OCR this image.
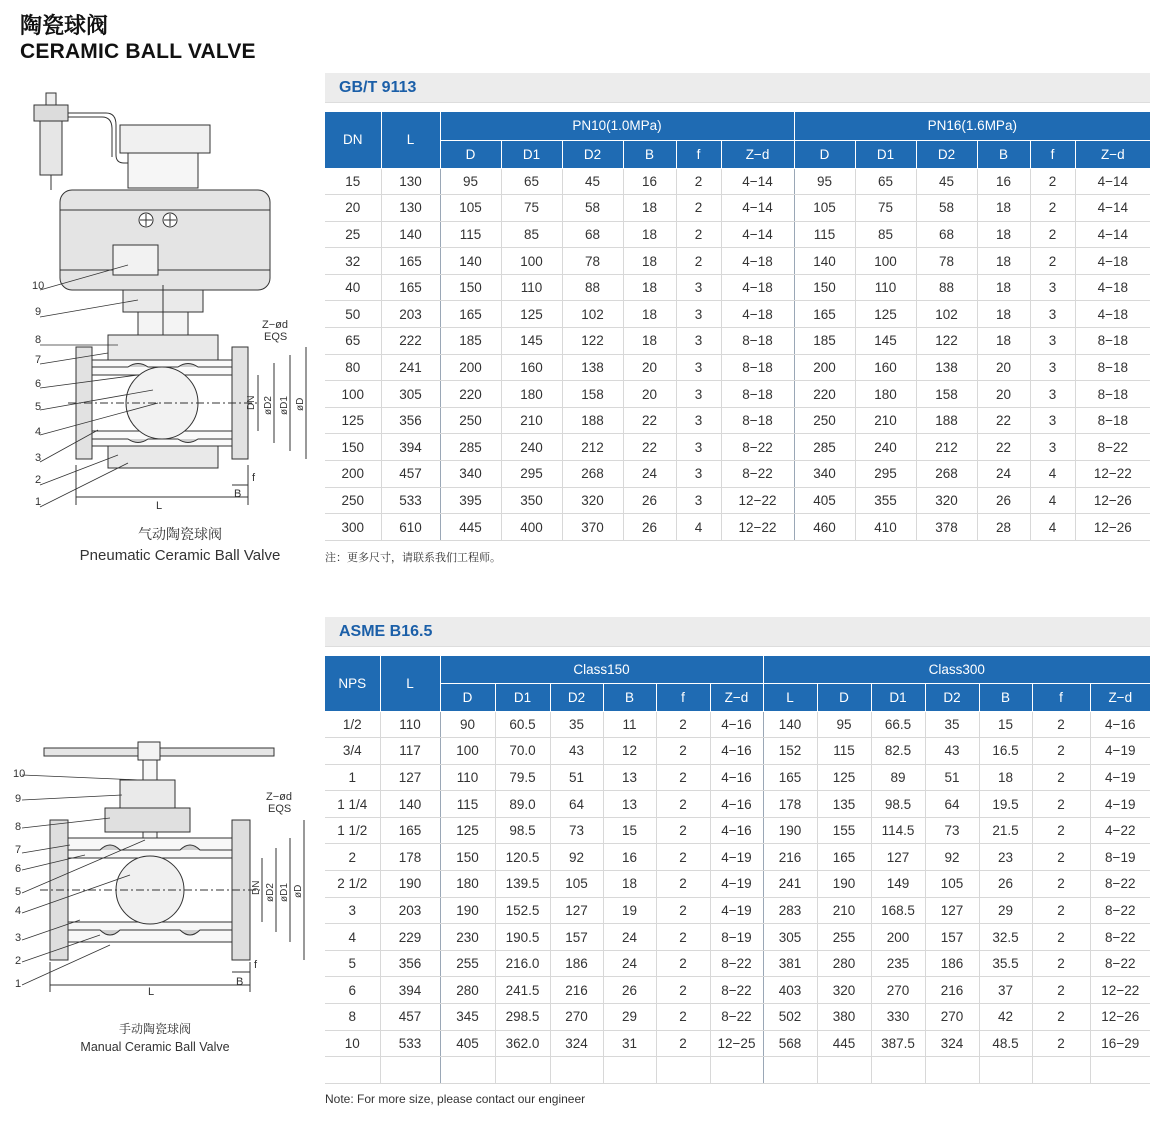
陶瓷球阀
CERAMIC BALL VALVE
10
9
8
7
6
5
4
3
2
1
Z−ød
EQS
DN øD2 øD1 øD
f
B
L
气动陶瓷球阀
Pneumatic Ceramic Ball Valve
10
9
8
7
6
5
4
3
2
1
Z−ød
EQS
DN øD2 øD1 øD
f
B
L
手动陶瓷球阀
Manual Ceramic Ball Valve
GB/T 9113
DN	L	PN10(1.0MPa)						PN16(1.6MPa)					
		D	D1	D2	B	f	Z−d	D	D1	D2	B	f	Z−d
15	130	95	65	45	16	2	4−14	95	65	45	16	2	4−14
20	130	105	75	58	18	2	4−14	105	75	58	18	2	4−14
25	140	115	85	68	18	2	4−14	115	85	68	18	2	4−14
32	165	140	100	78	18	2	4−18	140	100	78	18	2	4−18
40	165	150	110	88	18	3	4−18	150	110	88	18	3	4−18
50	203	165	125	102	18	3	4−18	165	125	102	18	3	4−18
65	222	185	145	122	18	3	8−18	185	145	122	18	3	8−18
80	241	200	160	138	20	3	8−18	200	160	138	20	3	8−18
100	305	220	180	158	20	3	8−18	220	180	158	20	3	8−18
125	356	250	210	188	22	3	8−18	250	210	188	22	3	8−18
150	394	285	240	212	22	3	8−22	285	240	212	22	3	8−22
200	457	340	295	268	24	3	8−22	340	295	268	24	4	12−22
250	533	395	350	320	26	3	12−22	405	355	320	26	4	12−26
300	610	445	400	370	26	4	12−22	460	410	378	28	4	12−26
注：更多尺寸，请联系我们工程师。
ASME B16.5
NPS	L	Class150						Class300						
		D	D1	D2	B	f	Z−d	L	D	D1	D2	B	f	Z−d
1/2	110	90	60.5	35	11	2	4−16	140	95	66.5	35	15	2	4−16
3/4	117	100	70.0	43	12	2	4−16	152	115	82.5	43	16.5	2	4−19
1	127	110	79.5	51	13	2	4−16	165	125	89	51	18	2	4−19
1 1/4	140	115	89.0	64	13	2	4−16	178	135	98.5	64	19.5	2	4−19
1 1/2	165	125	98.5	73	15	2	4−16	190	155	114.5	73	21.5	2	4−22
2	178	150	120.5	92	16	2	4−19	216	165	127	92	23	2	8−19
2 1/2	190	180	139.5	105	18	2	4−19	241	190	149	105	26	2	8−22
3	203	190	152.5	127	19	2	4−19	283	210	168.5	127	29	2	8−22
4	229	230	190.5	157	24	2	8−19	305	255	200	157	32.5	2	8−22
5	356	255	216.0	186	24	2	8−22	381	280	235	186	35.5	2	8−22
6	394	280	241.5	216	26	2	8−22	403	320	270	216	37	2	12−22
8	457	345	298.5	270	29	2	8−22	502	380	330	270	42	2	12−26
10	533	405	362.0	324	31	2	12−25	568	445	387.5	324	48.5	2	16−29

Note: For more size, please contact our engineer
